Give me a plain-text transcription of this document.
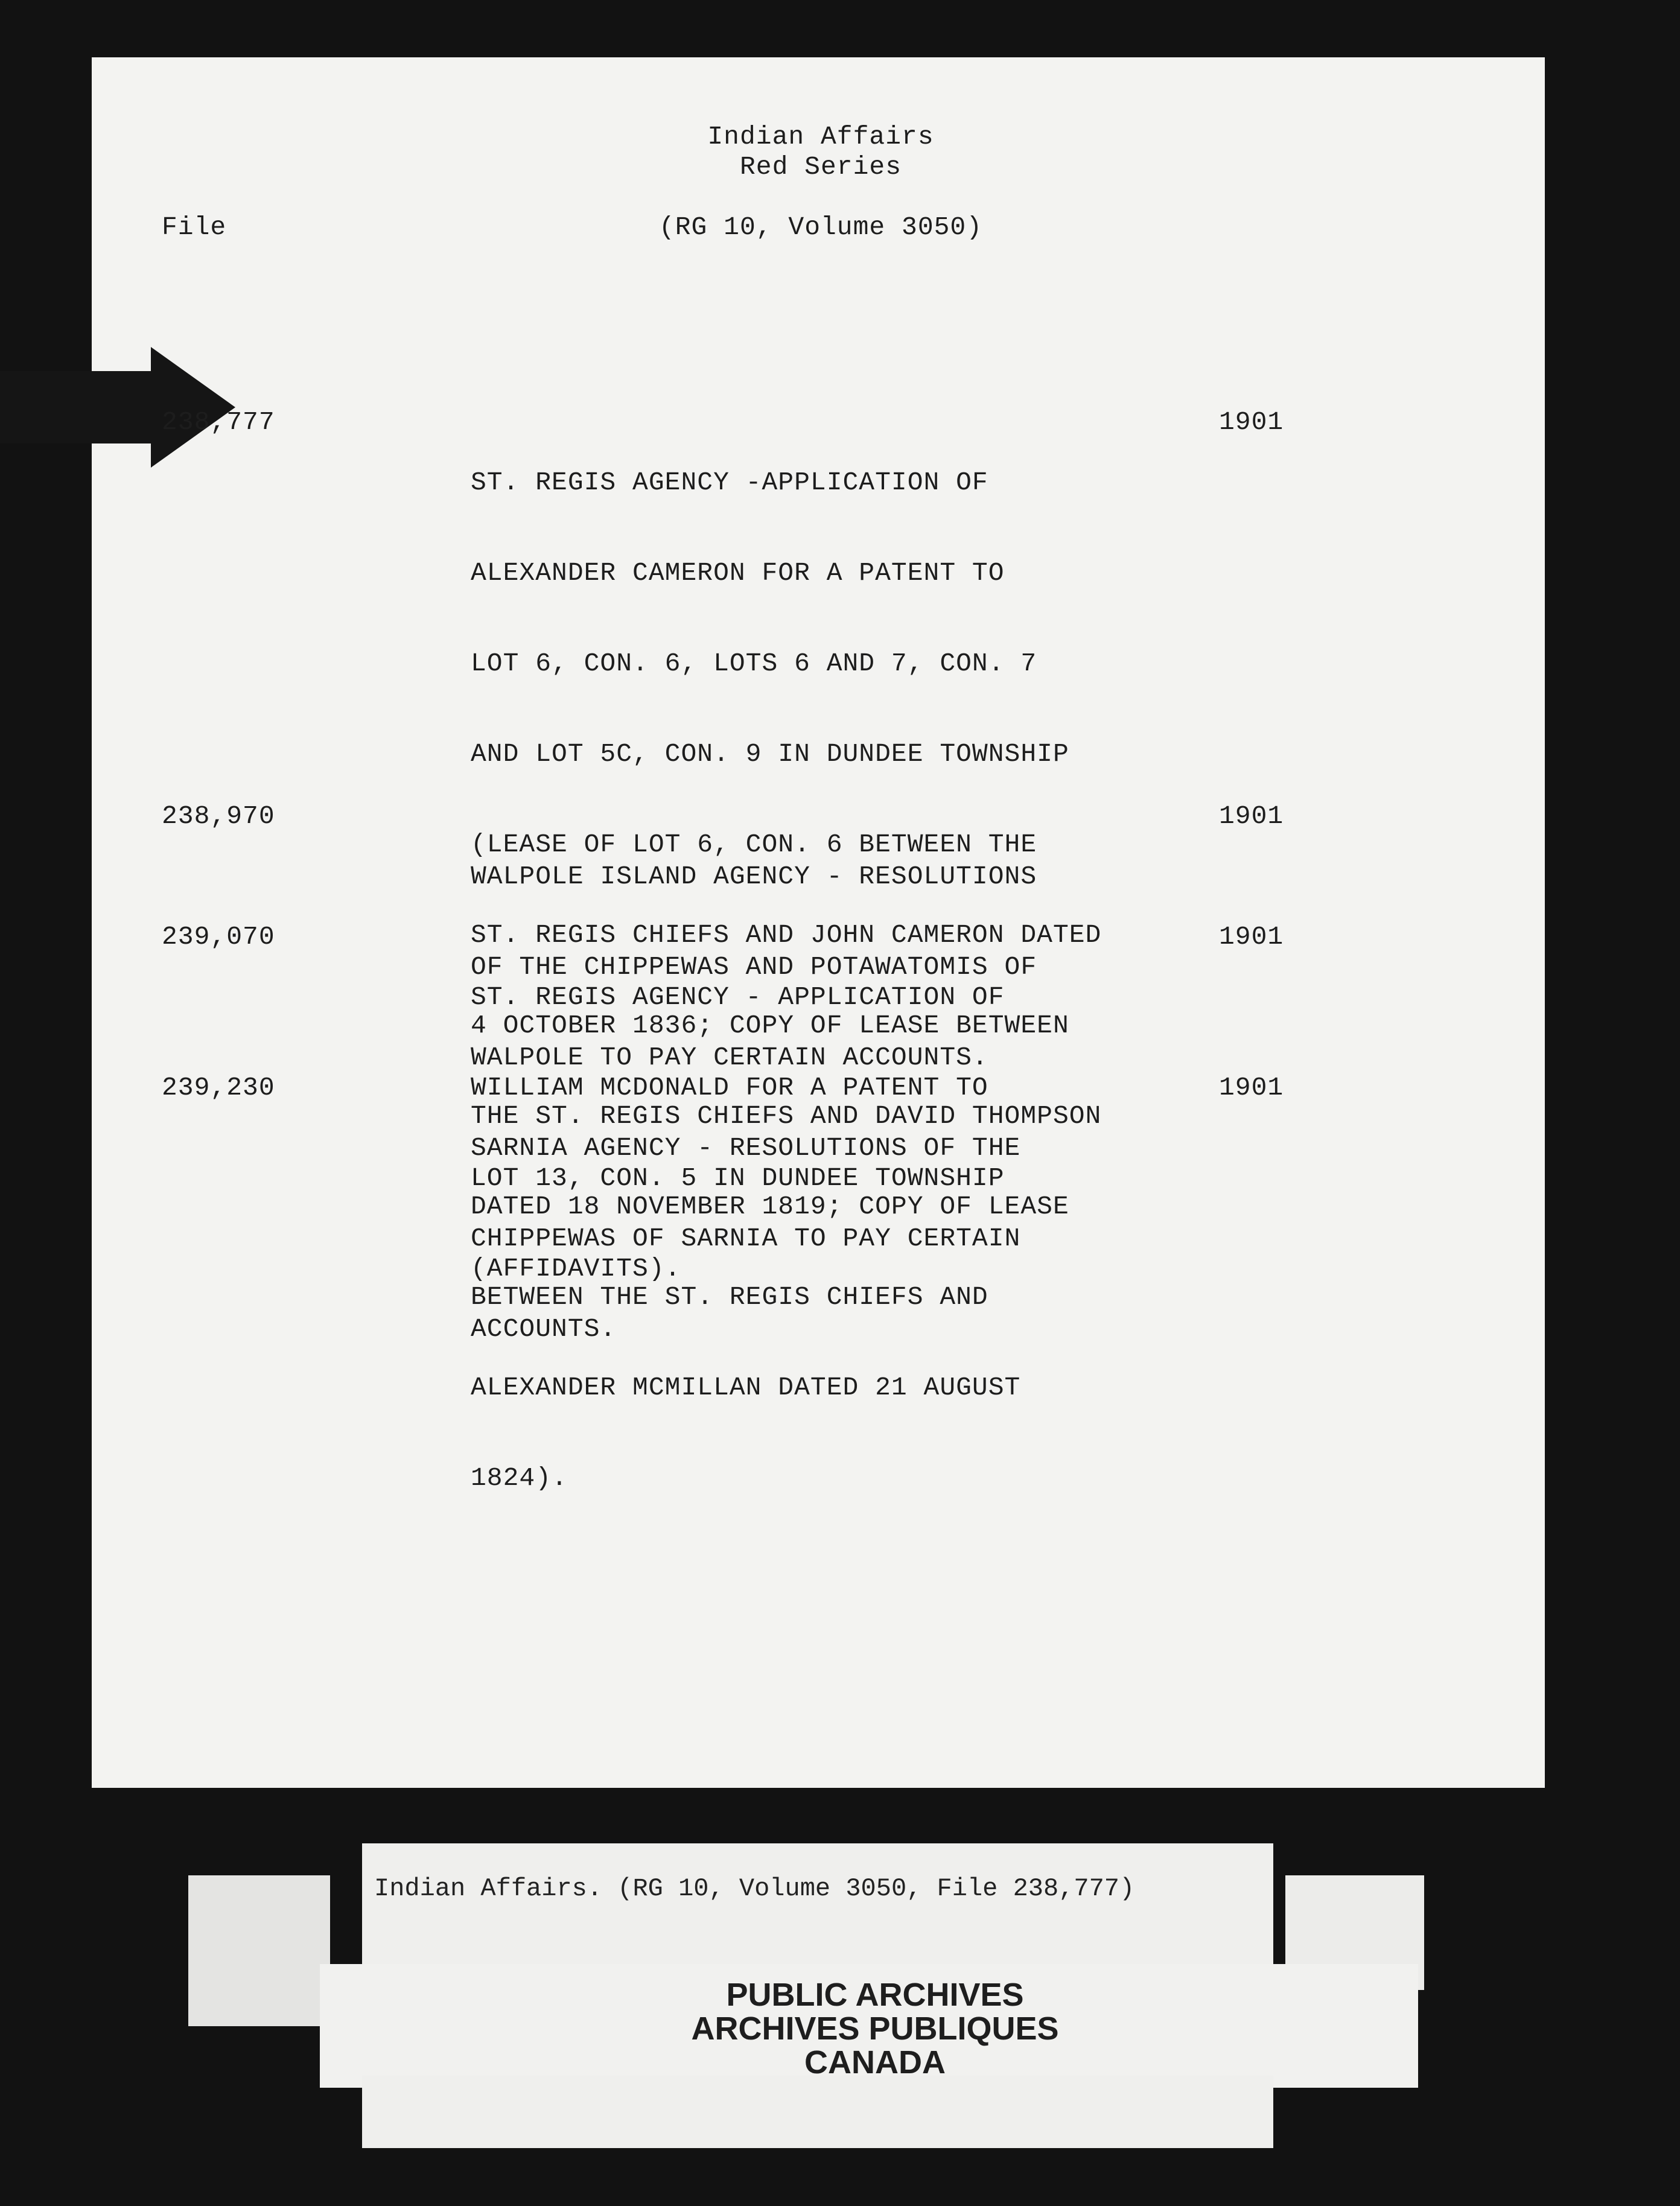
Indian Affairs
Red Series
File	(RG 10, Volume 3050)
238,777

ST. REGIS AGENCY -APPLICATION OF

ALEXANDER CAMERON FOR A PATENT TO

LOT 6, CON. 6, LOTS 6 AND 7, CON. 7

AND LOT 5C, CON. 9 IN DUNDEE TOWNSHIP

(LEASE OF LOT 6, CON. 6 BETWEEN THE

ST. REGIS CHIEFS AND JOHN CAMERON DATED

4 OCTOBER 1836; COPY OF LEASE BETWEEN

THE ST. REGIS CHIEFS AND DAVID THOMPSON

DATED 18 NOVEMBER 1819; COPY OF LEASE

BETWEEN THE ST. REGIS CHIEFS AND

ALEXANDER MCMILLAN DATED 21 AUGUST

1824).

1901
238,970

WALPOLE ISLAND AGENCY - RESOLUTIONS

OF THE CHIPPEWAS AND POTAWATOMIS OF

WALPOLE TO PAY CERTAIN ACCOUNTS.

1901
239,070

ST. REGIS AGENCY - APPLICATION OF

WILLIAM MCDONALD FOR A PATENT TO

LOT 13, CON. 5 IN DUNDEE TOWNSHIP

(AFFIDAVITS).

1901
239,230

SARNIA AGENCY - RESOLUTIONS OF THE

CHIPPEWAS OF SARNIA TO PAY CERTAIN

ACCOUNTS.

1901
Indian Affairs. (RG 10, Volume 3050, File 238,777)
PUBLIC ARCHIVES
ARCHIVES PUBLIQUES
CANADA
